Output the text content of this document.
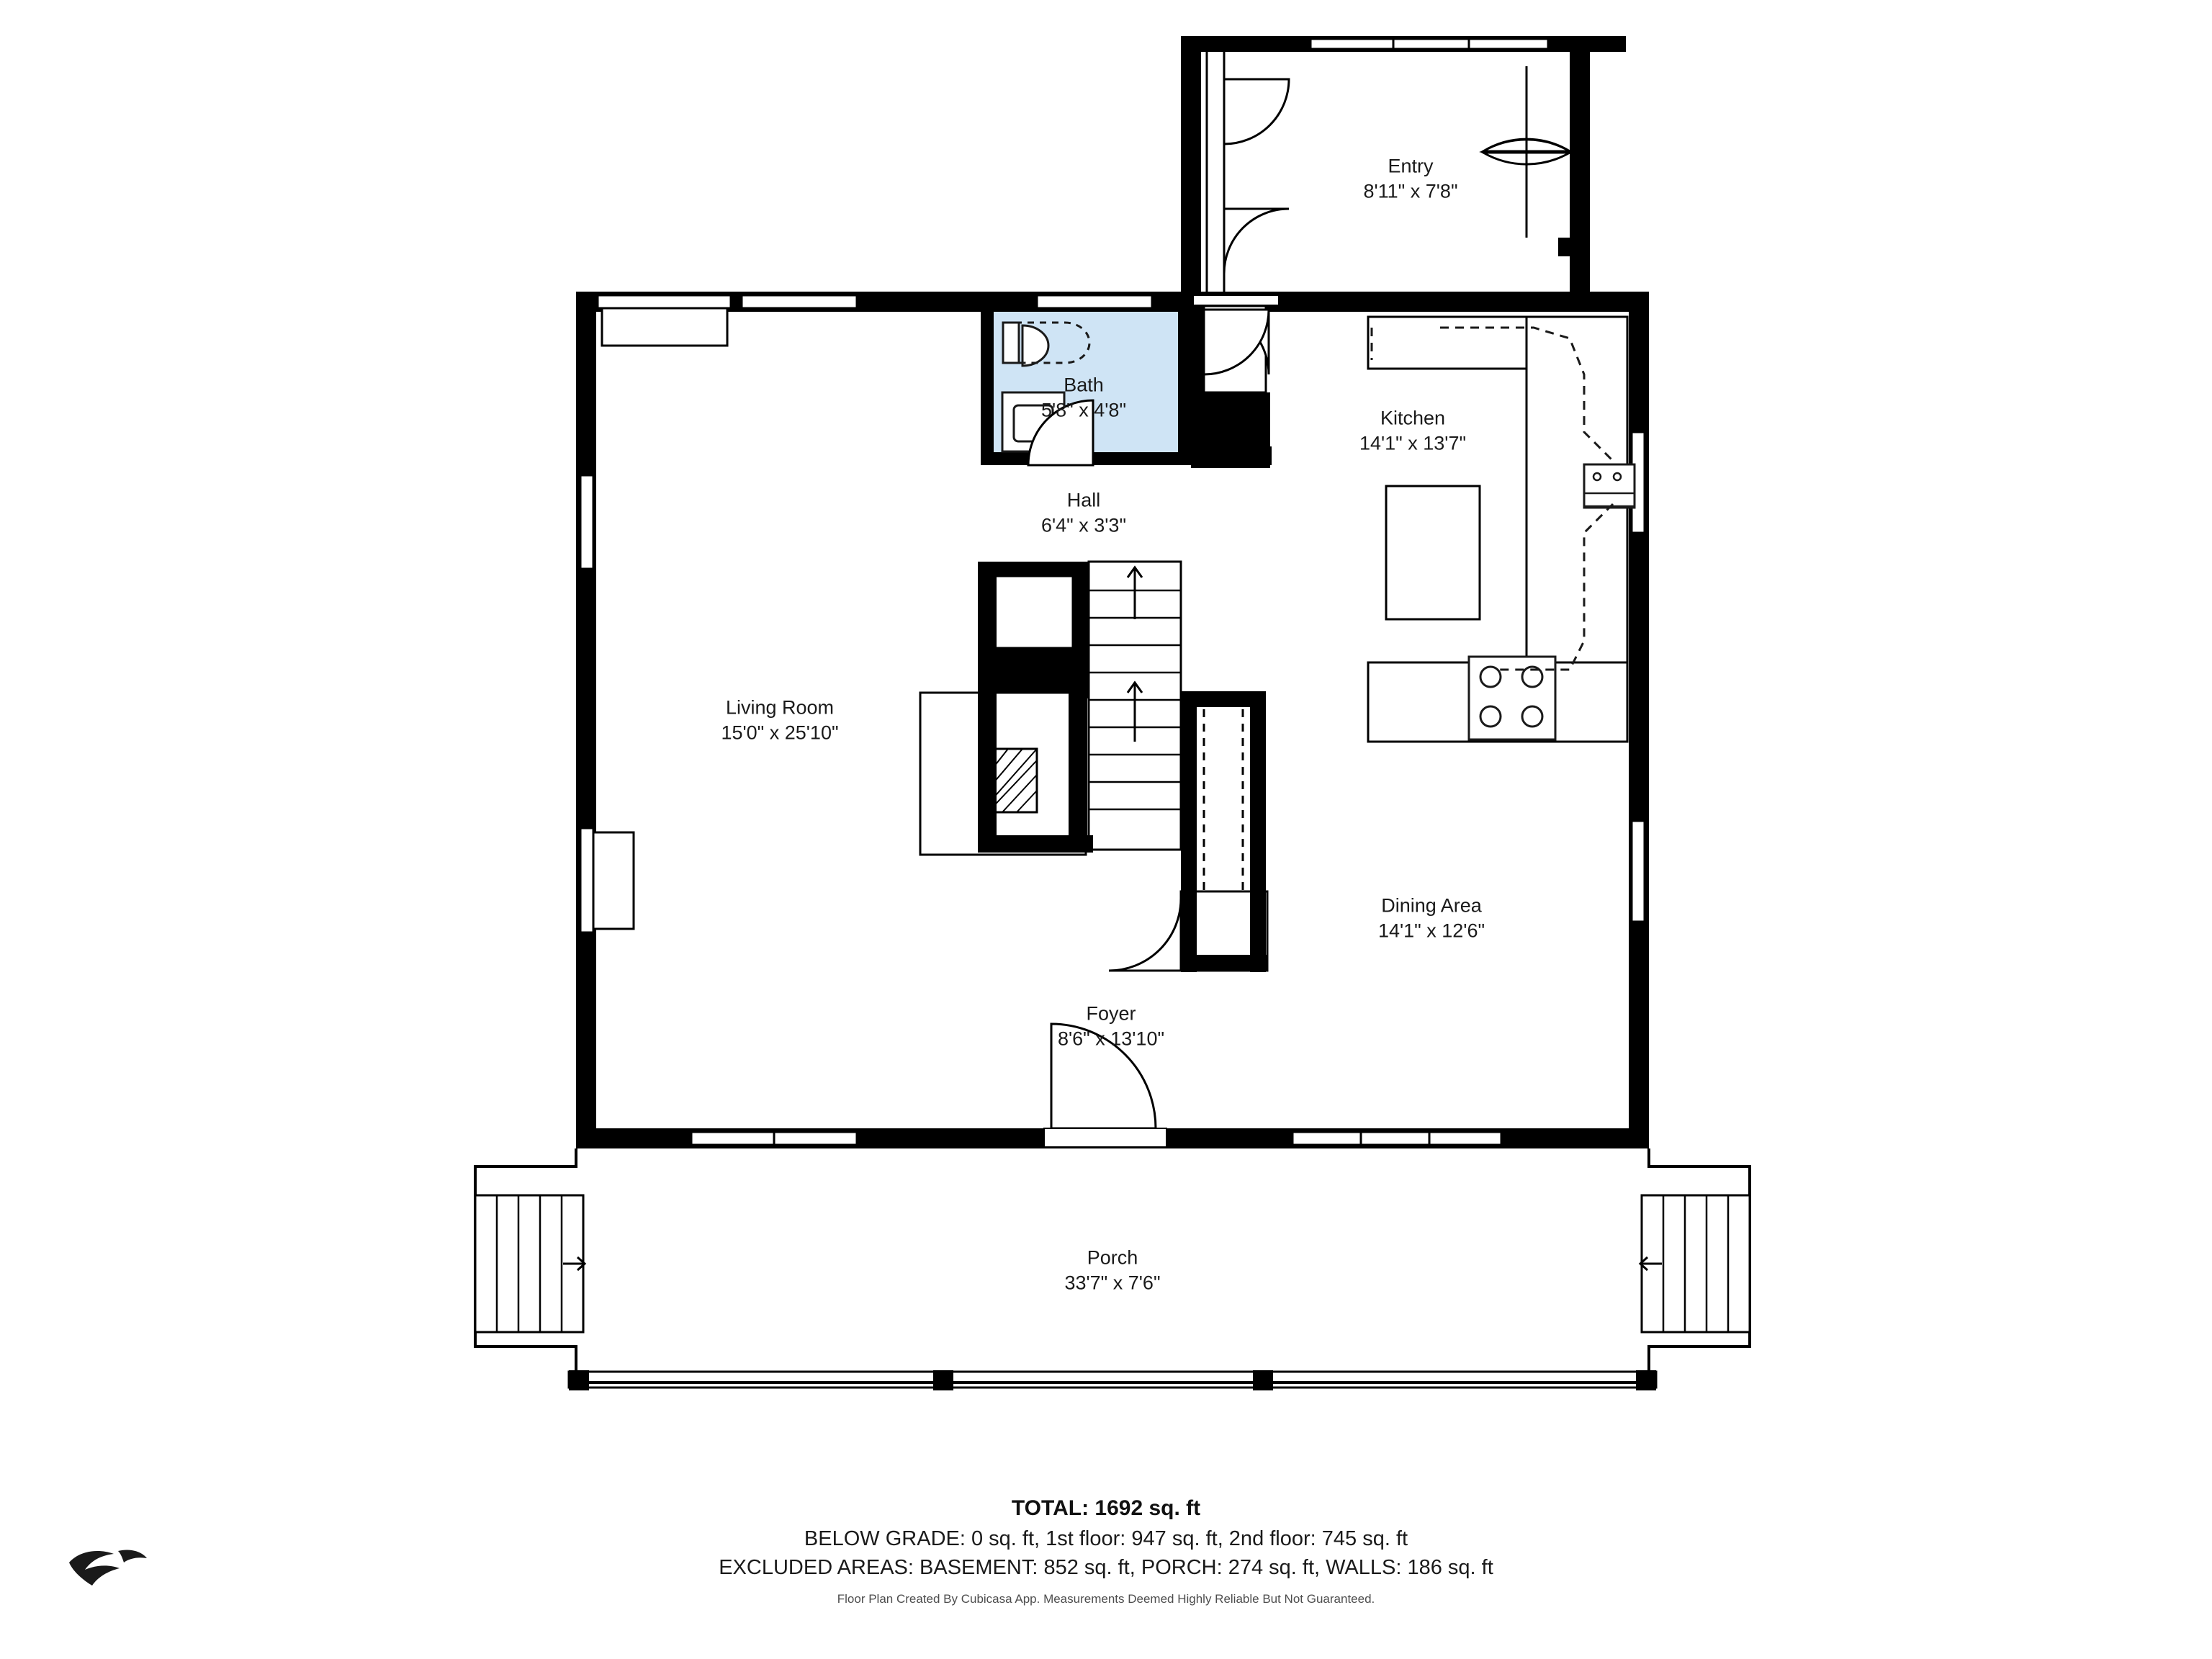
Entry
8'11" x 7'8"
Bath
5'8" x 4'8"	Kitchen
14'1" x 13'7"
Hall
6'4" x 3'3"
Living Room
15'0" x 25'10"
Dining Area
14'1" x 12'6"
Foyer
8'6" x 13'10"
Porch
33'7" x 7'6"
TOTAL: 1692 sq. ft
BELOW GRADE: 0 sq. ft, 1st floor: 947 sq. ft, 2nd floor: 745 sq. ft
EXCLUDED AREAS: BASEMENT: 852 sq. ft, PORCH: 274 sq. ft, WALLS: 186 sq. ft
Floor Plan Created By Cubicasa App. Measurements Deemed Highly Reliable But Not Guaranteed.
